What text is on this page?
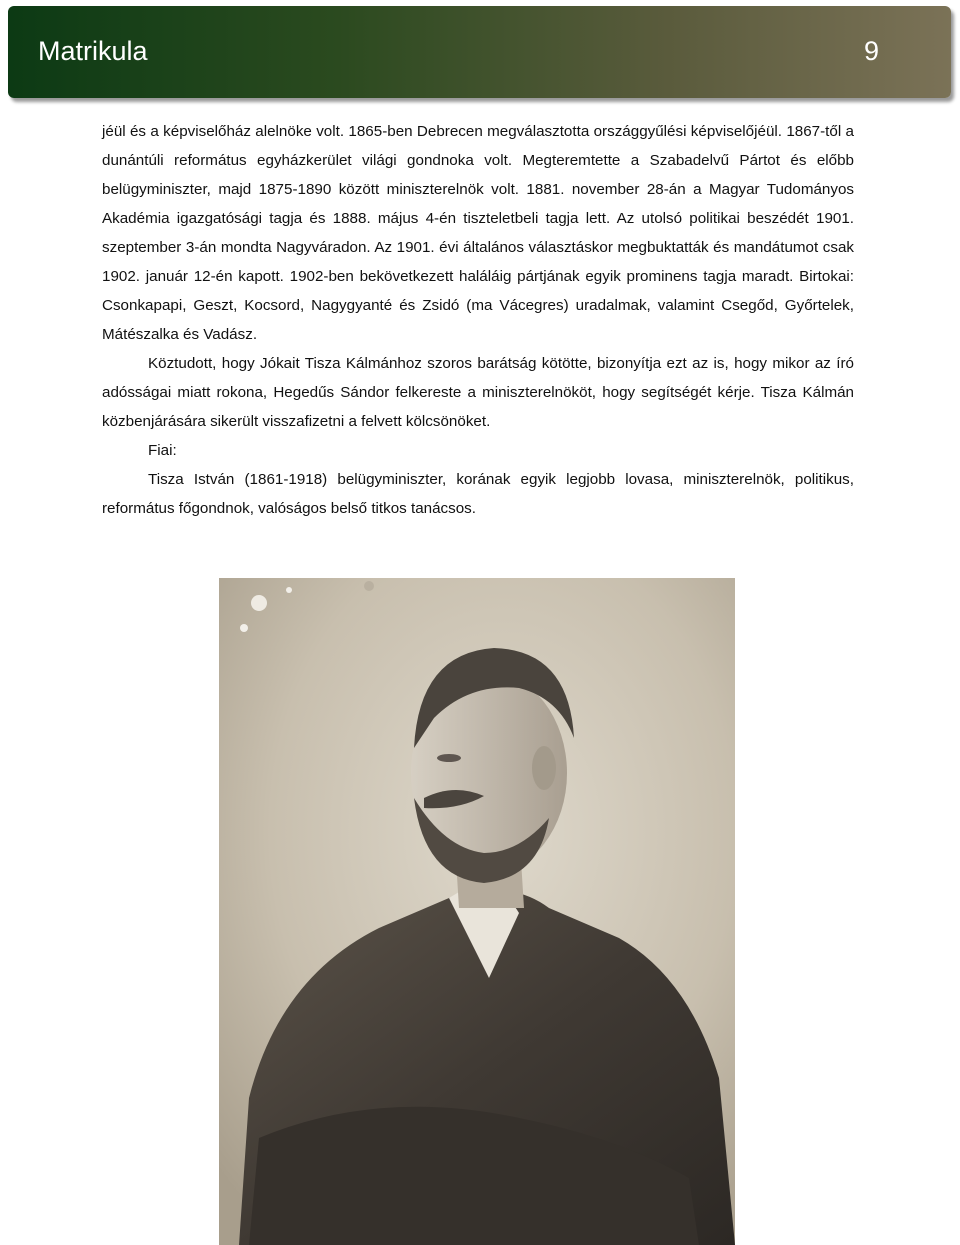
Matrikula	9

jéül és a képviselőház alelnöke volt. 1865-ben Debrecen megválasztotta országgyűlési képviselőjéül. 1867-től a dunántúli református egyházkerület világi gondnoka volt. Megteremtette a Szabadelvű Pártot és előbb belügyminiszter, majd 1875-1890 között miniszterelnök volt. 1881. november 28-án a Magyar Tudományos Akadémia igazgatósági tagja és 1888. május 4-én tiszteletbeli tagja lett. Az utolsó politikai beszédét 1901. szeptember 3-án mondta Nagyváradon. Az 1901. évi általános választáskor megbuktatták és mandátumot csak 1902. január 12-én kapott. 1902-ben bekövetkezett haláláig pártjának egyik prominens tagja maradt. Birtokai: Csonkapapi, Geszt, Kocsord, Nagygyanté és Zsidó (ma Vácegres) uradalmak, valamint Csegőd, Győrtelek, Mátészalka és Vadász.

Köztudott, hogy Jókait Tisza Kálmánhoz szoros barátság kötötte, bizonyítja ezt az is, hogy mikor az író adósságai miatt rokona, Hegedűs Sándor felkereste a miniszterelnököt, hogy segítségét kérje. Tisza Kálmán közbenjárására sikerült visszafizetni a felvett kölcsönöket.

Fiai:

Tisza István (1861-1918) belügyminiszter, korának egyik legjobb lovasa, miniszterelnök, politikus, református főgondnok, valóságos belső titkos tanácsos.
